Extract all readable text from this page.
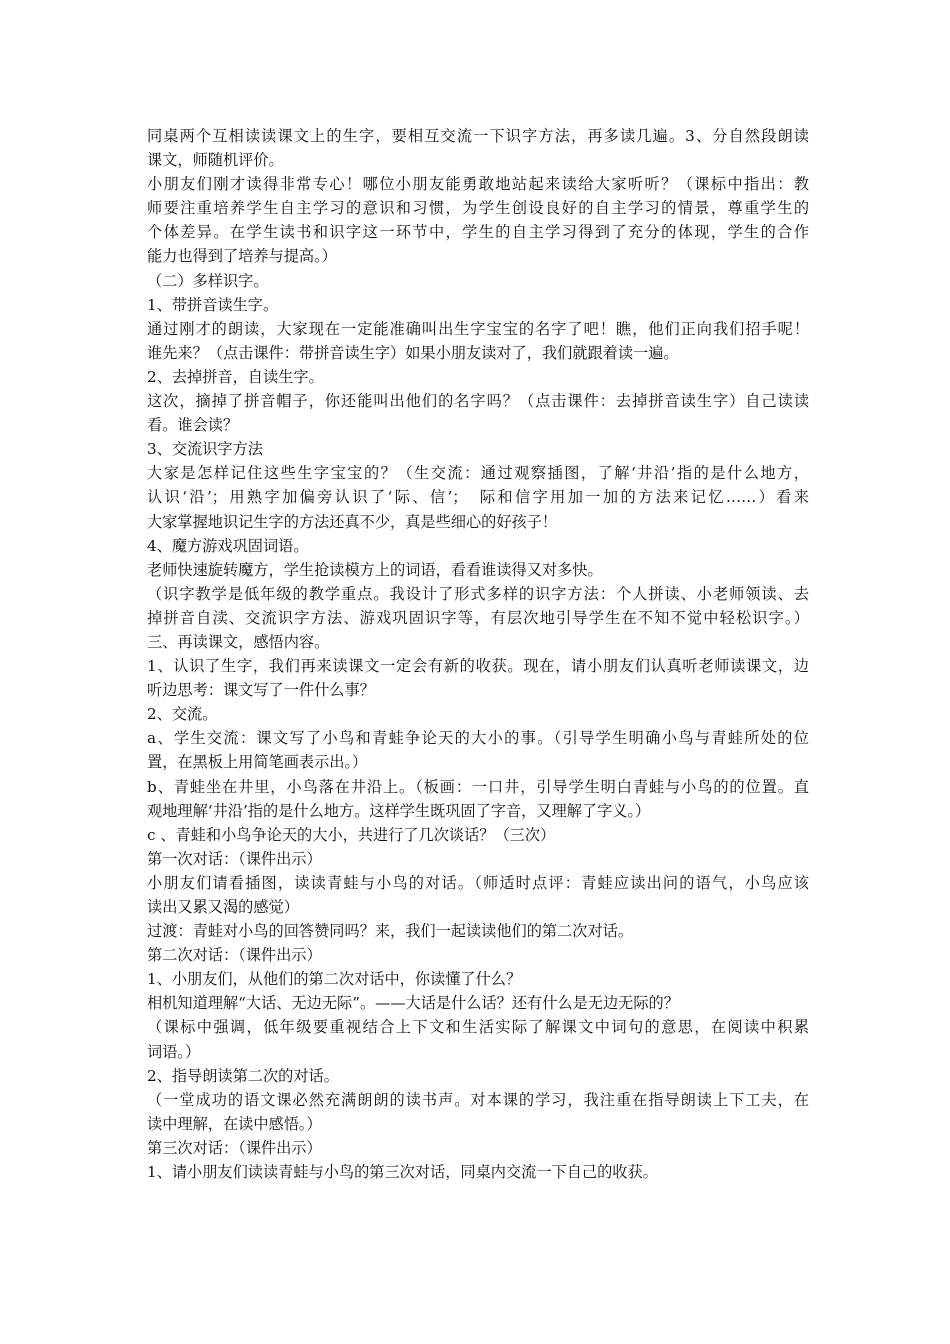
同桌两个互相读读课文上的生字，要相互交流一下识字方法，再多读几遍。3、分自然段朗读
课文，师随机评价。
小朋友们刚才读得非常专心！哪位小朋友能勇敢地站起来读给大家听听？（课标中指出：教
师要注重培养学生自主学习的意识和习惯，为学生创设良好的自主学习的情景，尊重学生的
个体差异。在学生读书和识字这一环节中，学生的自主学习得到了充分的体现，学生的合作
能力也得到了培养与提高。）
（二）多样识字。
1、带拼音读生字。
通过刚才的朗读，大家现在一定能准确叫出生字宝宝的名字了吧！瞧，他们正向我们招手呢！
谁先来？（点击课件：带拼音读生字）如果小朋友读对了，我们就跟着读一遍。
2、去掉拼音，自读生字。
这次，摘掉了拼音帽子，你还能叫出他们的名字吗？（点击课件：去掉拼音读生字）自己读读
看。谁会读？
3、交流识字方法
大家是怎样记住这些生字宝宝的？（生交流：通过观察插图，了解‘井沿’指的是什么地方，
认识‘沿’；用熟字加偏旁认识了‘际、信’；　际和信字用加一加的方法来记忆……）看来
大家掌握地识记生字的方法还真不少，真是些细心的好孩子！
4、魔方游戏巩固词语。
老师快速旋转魔方，学生抢读模方上的词语，看看谁读得又对多快。
（识字教学是低年级的教学重点。我设计了形式多样的识字方法：个人拼读、小老师领读、去
掉拼音自渎、交流识字方法、游戏巩固识字等，有层次地引导学生在不知不觉中轻松识字。）
三、再读课文，感悟内容。
1、认识了生字，我们再来读课文一定会有新的收获。现在，请小朋友们认真听老师读课文，边
听边思考：课文写了一件什么事？
2、交流。
a、学生交流：课文写了小鸟和青蛙争论天的大小的事。（引导学生明确小鸟与青蛙所处的位
置，在黑板上用简笔画表示出。）
b、青蛙坐在井里，小鸟落在井沿上。（板画：一口井，引导学生明白青蛙与小鸟的的位置。直
观地理解‘井沿’指的是什么地方。这样学生既巩固了字音，又理解了字义。）
c 、青蛙和小鸟争论天的大小，共进行了几次谈话？（三次）
第一次对话：（课件出示）
小朋友们请看插图，读读青蛙与小鸟的对话。（师适时点评：青蛙应读出问的语气，小鸟应该
读出又累又渴的感觉）
过渡：青蛙对小鸟的回答赞同吗？来，我们一起读读他们的第二次对话。
第二次对话：（课件出示）
1、小朋友们，从他们的第二次对话中，你读懂了什么？
相机知道理解“大话、无边无际”。——大话是什么话？还有什么是无边无际的？
（课标中强调，低年级要重视结合上下文和生活实际了解课文中词句的意思，在阅读中积累
词语。）
2、指导朗读第二次的对话。
（一堂成功的语文课必然充满朗朗的读书声。对本课的学习，我注重在指导朗读上下工夫，在
读中理解，在读中感悟。）
第三次对话：（课件出示）
1、请小朋友们读读青蛙与小鸟的第三次对话，同桌内交流一下自己的收获。
